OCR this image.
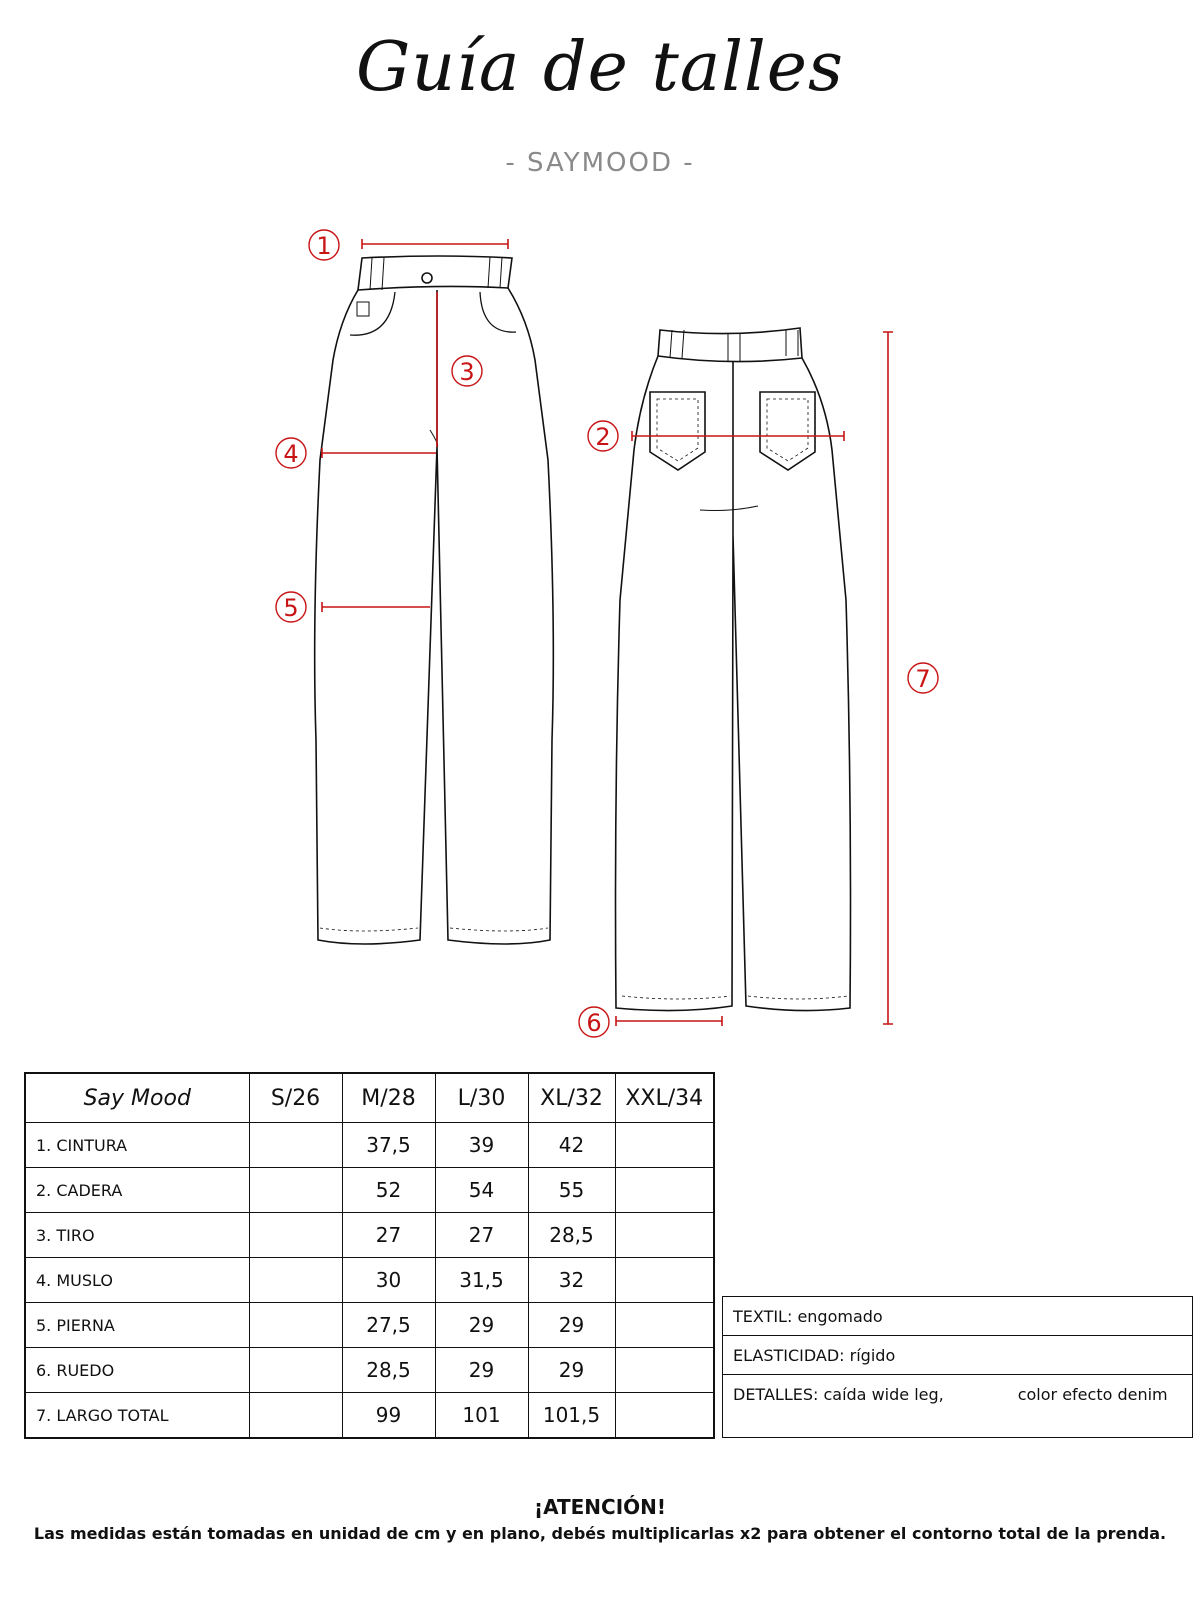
Guía de talles
- SAYMOOD -
1
2
3
4
5
6
7
Say Mood	S/26	M/28	L/30	XL/32	XXL/34
1. CINTURA		37,5	39	42	
2. CADERA		52	54	55	
3. TIRO		27	27	28,5	
4. MUSLO		30	31,5	32	
5. PIERNA		27,5	29	29	
6. RUEDO		28,5	29	29	
7. LARGO TOTAL		99	101	101,5	
TEXTIL: engomado
ELASTICIDAD: rígido
DETALLES: caída wide leg,	color efecto denim
¡ATENCIÓN!
Las medidas están tomadas en unidad de cm y en plano, debés multiplicarlas x2 para obtener el contorno total de la prenda.
